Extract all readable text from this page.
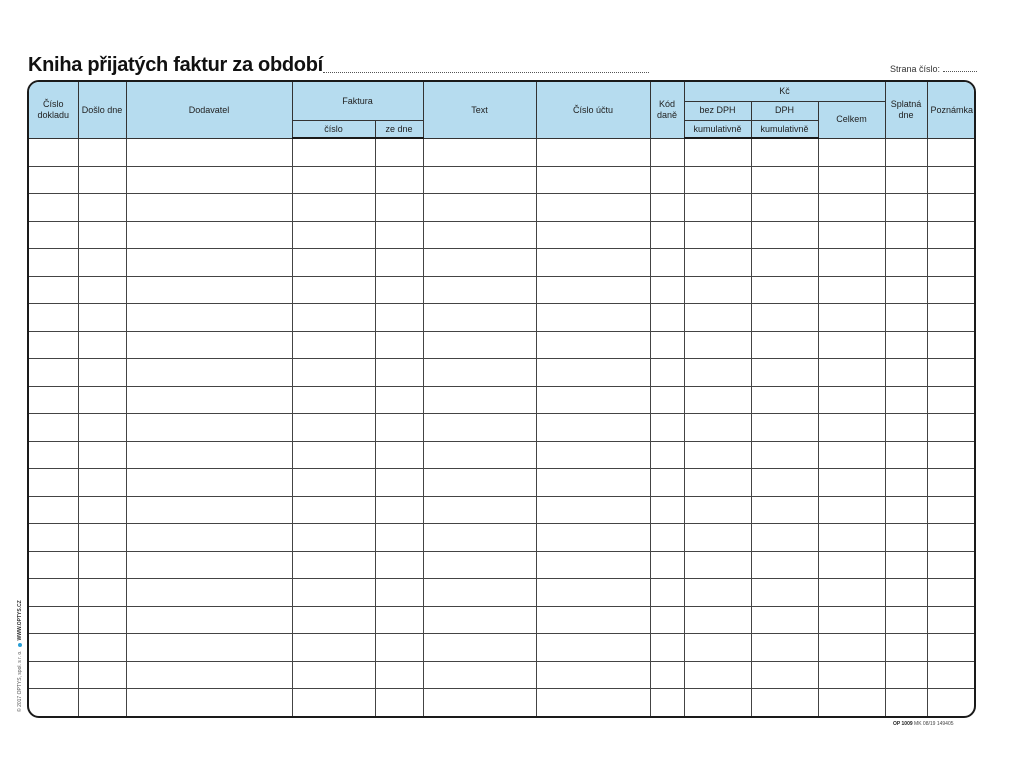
Kniha přijatých faktur za období	Strana číslo:
Číslo dokladu	Došlo dne	Dodavatel	Faktura		Text	Číslo účtu	Kód daně	Kč			Splatná dne	Poznámka
								bez DPH	DPH	Celkem		
			číslo	ze dne				kumulativně	kumulativně			

© 2017 OPTYS, spol. s r. o.WWW.OPTYS.CZ
OP 1009 MK 08/19 149405
